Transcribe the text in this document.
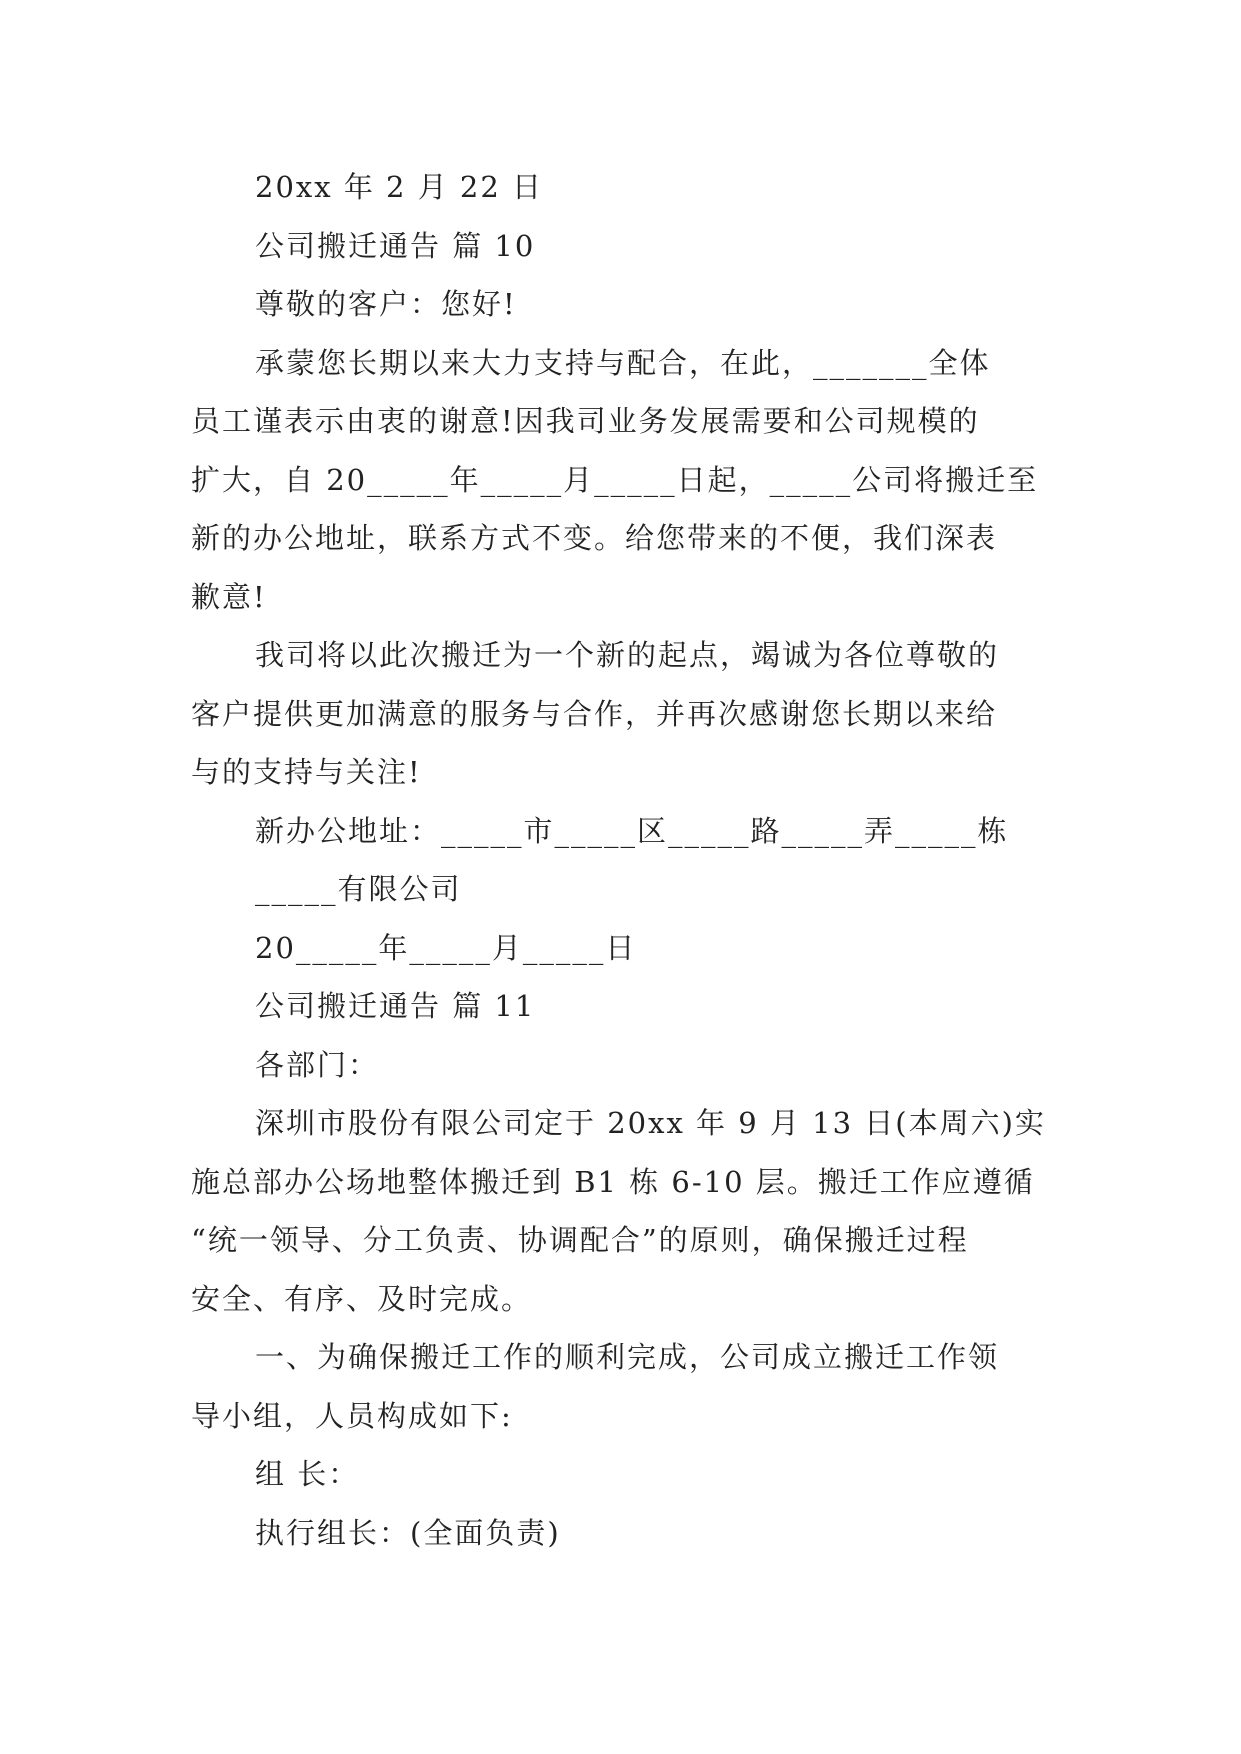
20xx 年 2 月 22 日

公司搬迁通告 篇 10

尊敬的客户：您好!

承蒙您长期以来大力支持与配合，在此，_______全体

员工谨表示由衷的谢意!因我司业务发展需要和公司规模的

扩大，自 20_____年_____月_____日起，_____公司将搬迁至

新的办公地址，联系方式不变。给您带来的不便，我们深表

歉意!

我司将以此次搬迁为一个新的起点，竭诚为各位尊敬的

客户提供更加满意的服务与合作，并再次感谢您长期以来给

与的支持与关注!

新办公地址：_____市_____区_____路_____弄_____栋

_____有限公司

20_____年_____月_____日

公司搬迁通告 篇 11

各部门：

深圳市股份有限公司定于 20xx 年 9 月 13 日(本周六)实

施总部办公场地整体搬迁到 B1 栋 6-10 层。搬迁工作应遵循

“统一领导、分工负责、协调配合”的原则，确保搬迁过程

安全、有序、及时完成。

一、为确保搬迁工作的顺利完成，公司成立搬迁工作领

导小组，人员构成如下:

组 长：

执行组长：(全面负责)
